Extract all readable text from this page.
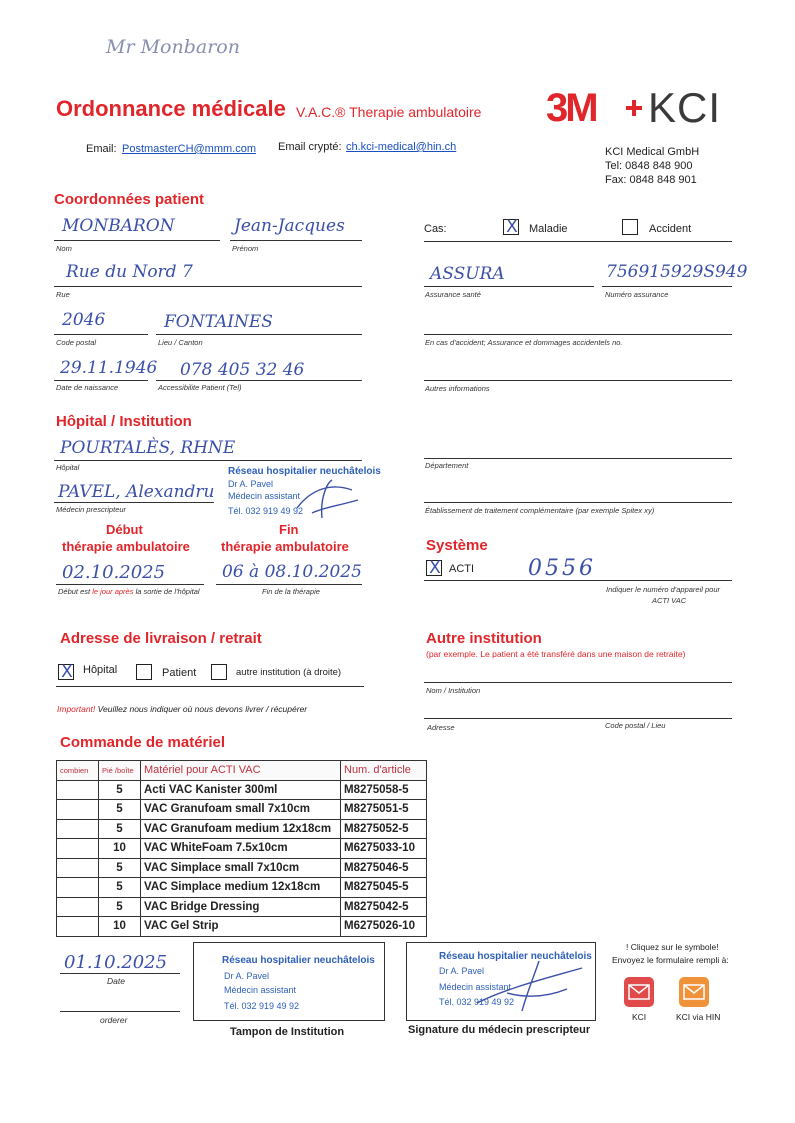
Mr Monbaron
Ordonnance médicale V.A.C.® Therapie ambulatoire
Email: PostmasterCH@mmm.com Email crypté: ch.kci-medical@hin.ch
3M KCI
KCI Medical GmbH
Tel: 0848 848 900
Fax: 0848 848 901
Coordonnées patient
MONBARON
Nom
Jean-Jacques
Prénom
Rue du Nord 7
Rue
2046
Code postal
FONTAINES
Lieu / Canton
29.11.1946
Date de naissance
078 405 32 46
Accessibilite Patient (Tel)
Cas:	X Maladie	Accident
ASSURA
Assurance santé
756915929S949
Numéro assurance
En cas d'accident; Assurance et dommages accidentels no.
Autres informations
Hôpital / Institution
POURTALÈS, RHNE
Hôpital
PAVEL, Alexandru
Médecin prescripteur
Réseau hospitalier neuchâtelois
Dr A. Pavel
Médecin assistant
Tél. 032 919 49 92
Département
Établissement de traitement complémentaire (par exemple Spitex xy)
Début
thérapie ambulatoire
Fin
thérapie ambulatoire
02.10.2025
Début est le jour après la sortie de l'hôpital
06 à 08.10.2025
Fin de la thérapie
Système
X ACTI 0556
Indiquer le numéro d'appareil pour
ACTI VAC
Adresse de livraison / retrait
X Hôpital	Patient	autre institution (à droite)
Important! Veuillez nous indiquer où nous devons livrer / récupérer
Autre institution
(par exemple. Le patient a été transféré dans une maison de retraite)
Nom / Institution
Adresse	Code postal / Lieu
Commande de matériel
combien	Pié /boîte	Matériel pour ACTI VAC	Num. d'article
	5	Acti VAC Kanister 300ml	M8275058-5
	5	VAC Granufoam small 7x10cm	M8275051-5
	5	VAC Granufoam medium 12x18cm	M8275052-5
	10	VAC WhiteFoam 7.5x10cm	M6275033-10
	5	VAC Simplace small 7x10cm	M8275046-5
	5	VAC Simplace medium 12x18cm	M8275045-5
	5	VAC Bridge Dressing	M8275042-5
	10	VAC Gel Strip	M6275026-10
01.10.2025
Date
orderer
Réseau hospitalier neuchâtelois
Dr A. Pavel
Médecin assistant
Tél. 032 919 49 92
Tampon de Institution
Réseau hospitalier neuchâtelois
Dr A. Pavel
Médecin assistant
Tél. 032 919 49 92
Signature du médecin prescripteur
! Cliquez sur le symbole!
Envoyez le formulaire rempli à:
KCI	KCI via HIN
